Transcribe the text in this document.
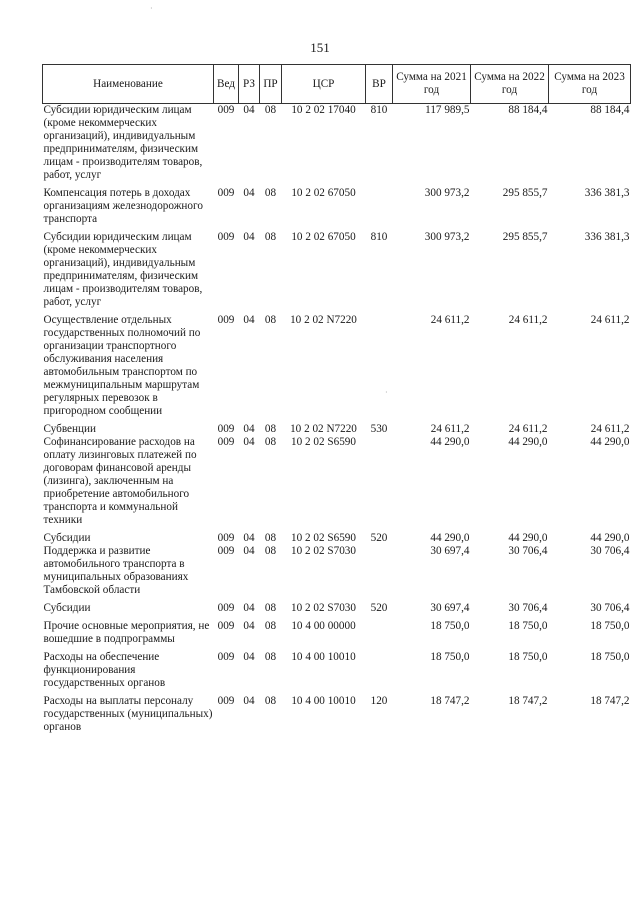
151
Наименование	Вед	РЗ	ПР	ЦСР	ВР	Сумма на 2021 год	Сумма на 2022 год	Сумма на 2023 год
Субсидии юридическим лицам (кроме некоммерческих организаций), индивидуальным предпринимателям, физическим лицам - производителям товаров, работ, услуг	009	04	08	10 2 02 17040	810	117 989,5	88 184,4	88 184,4
Компенсация потерь в доходах организациям железнодорожного транспорта	009	04	08	10 2 02 67050		300 973,2	295 855,7	336 381,3
Субсидии юридическим лицам (кроме некоммерческих организаций), индивидуальным предпринимателям, физическим лицам - производителям товаров, работ, услуг	009	04	08	10 2 02 67050	810	300 973,2	295 855,7	336 381,3
Осуществление отдельных государственных полномочий по организации транспортного обслуживания населения автомобильным транспортом по межмуниципальным маршрутам регулярных перевозок в пригородном сообщении	009	04	08	10 2 02 N7220		24 611,2	24 611,2	24 611,2
Субвенции	009	04	08	10 2 02 N7220	530	24 611,2	24 611,2	24 611,2
Софинансирование расходов на оплату лизинговых платежей по договорам финансовой аренды (лизинга), заключенным на приобретение автомобильного транспорта и коммунальной техники	009	04	08	10 2 02 S6590		44 290,0	44 290,0	44 290,0
Субсидии	009	04	08	10 2 02 S6590	520	44 290,0	44 290,0	44 290,0
Поддержка и развитие автомобильного транспорта в муниципальных образованиях Тамбовской области	009	04	08	10 2 02 S7030		30 697,4	30 706,4	30 706,4
Субсидии	009	04	08	10 2 02 S7030	520	30 697,4	30 706,4	30 706,4
Прочие основные мероприятия, не вошедшие в подпрограммы	009	04	08	10 4 00 00000		18 750,0	18 750,0	18 750,0
Расходы на обеспечение функционирования государственных органов	009	04	08	10 4 00 10010		18 750,0	18 750,0	18 750,0
Расходы на выплаты персоналу государственных (муниципальных) органов	009	04	08	10 4 00 10010	120	18 747,2	18 747,2	18 747,2
·
·
